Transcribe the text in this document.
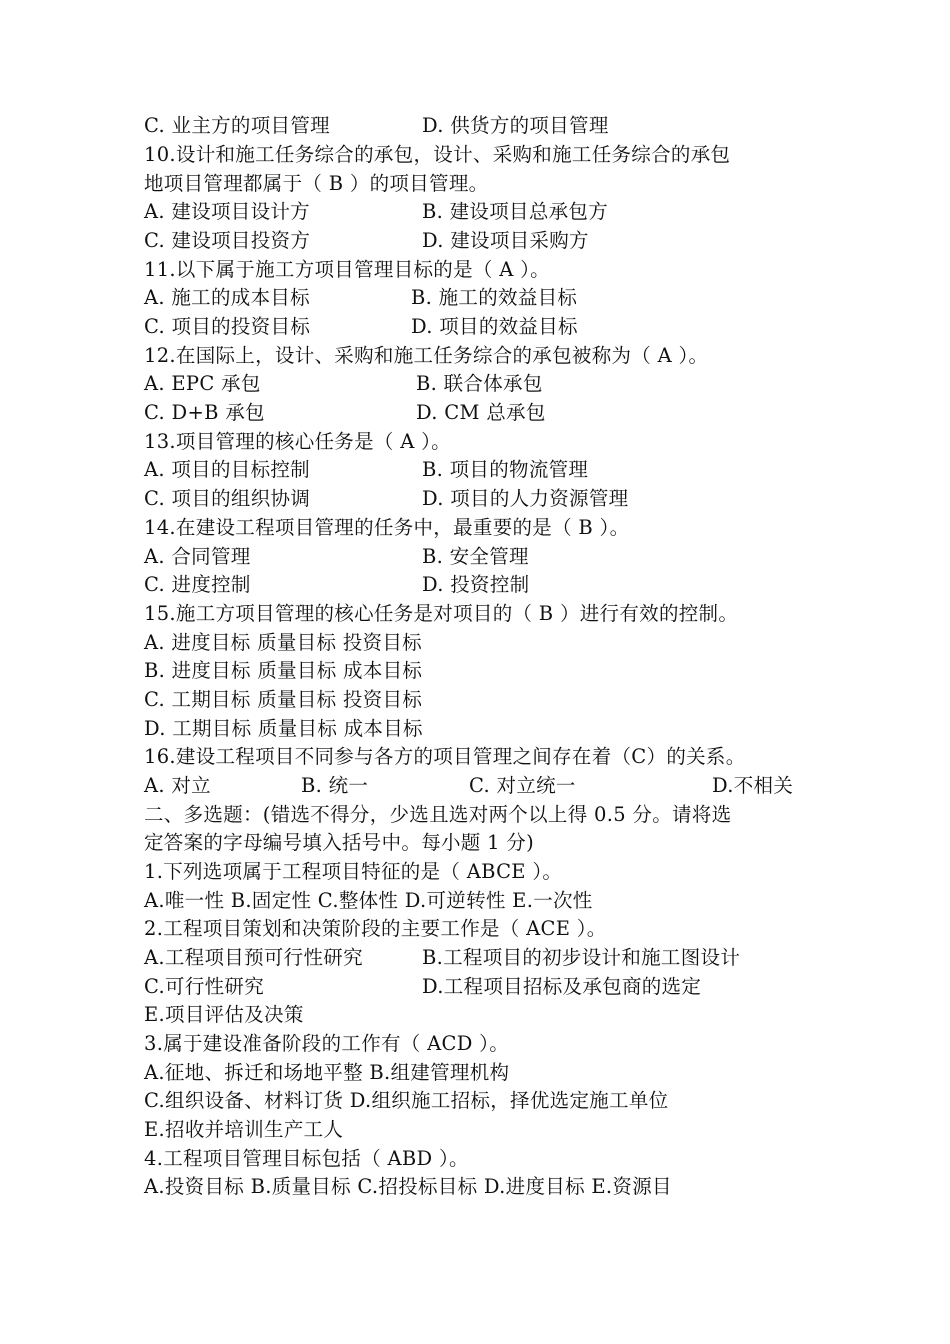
C. 业主方的项目管理

	D. 供货方的项目管理

10.设计和施工任务综合的承包，设计、采购和施工任务综合的承包
地项目管理都属于（ B ）的项目管理。

A. 建设项目设计方

	B. 建设项目总承包方

C. 建设项目投资方

	D. 建设项目采购方

11.以下属于施工方项目管理目标的是（ A ）。

A. 施工的成本目标

	B. 施工的效益目标

C. 项目的投资目标

	D. 项目的效益目标

12.在国际上，设计、采购和施工任务综合的承包被称为（ A ）。

A. EPC 承包

	B. 联合体承包

C. D+B 承包

	D. CM 总承包

13.项目管理的核心任务是（ A ）。

A. 项目的目标控制

	B. 项目的物流管理

C. 项目的组织协调

	D. 项目的人力资源管理

14.在建设工程项目管理的任务中，最重要的是（ B ）。

A. 合同管理

	B. 安全管理

C. 进度控制

	D. 投资控制

15.施工方项目管理的核心任务是对项目的（ B ）进行有效的控制。
A. 进度目标 质量目标 投资目标
B. 进度目标 质量目标 成本目标
C. 工期目标 质量目标 投资目标
D. 工期目标 质量目标 成本目标
16.建设工程项目不同参与各方的项目管理之间存在着（C）的关系。

A. 对立

	B. 统一

	C. 对立统一

	D.不相关

二、多选题：(错选不得分，少选且选对两个以上得 0.5 分。请将选
定答案的字母编号填入括号中。每小题 1 分)
1.下列选项属于工程项目特征的是（ ABCE ）。
A.唯一性 B.固定性 C.整体性 D.可逆转性 E.一次性
2.工程项目策划和决策阶段的主要工作是（ ACE ）。

A.工程项目预可行性研究

	B.工程项目的初步设计和施工图设计

C.可行性研究

	D.工程项目招标及承包商的选定

E.项目评估及决策
3.属于建设准备阶段的工作有（ ACD ）。
A.征地、拆迁和场地平整 B.组建管理机构
C.组织设备、材料订货 D.组织施工招标，择优选定施工单位
E.招收并培训生产工人
4.工程项目管理目标包括（ ABD ）。
A.投资目标 B.质量目标 C.招投标目标 D.进度目标 E.资源目
